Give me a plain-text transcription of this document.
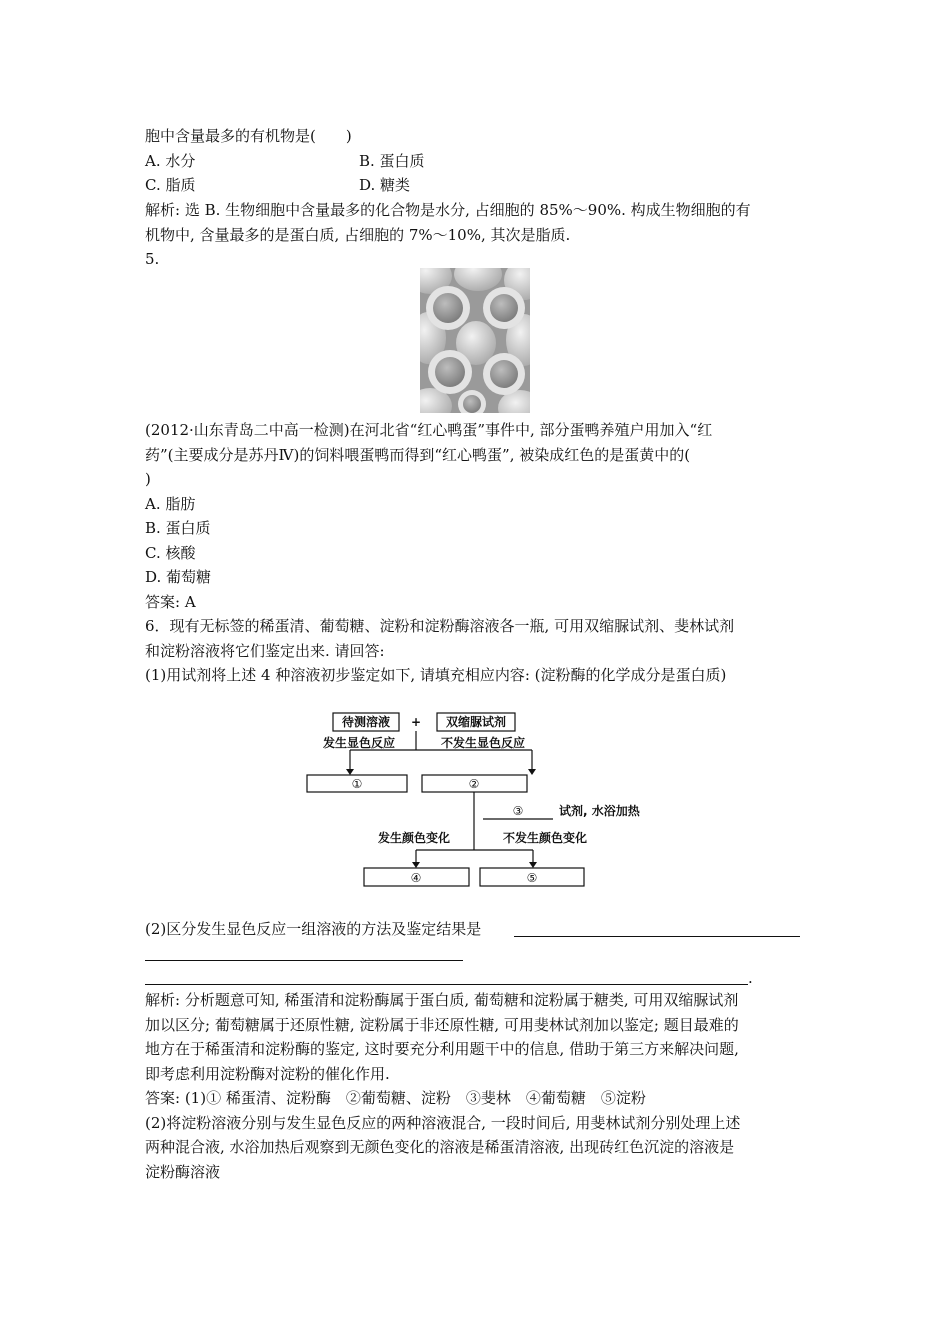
胞中含量最多的有机物是(　　)
A. 水分	B. 蛋白质
C. 脂质	D. 糖类
解析: 选 B. 生物细胞中含量最多的化合物是水分, 占细胞的 85%～90%. 构成生物细胞的有
机物中, 含量最多的是蛋白质, 占细胞的 7%～10%, 其次是脂质.
5.
(2012·山东青岛二中高一检测)在河北省“红心鸭蛋”事件中, 部分蛋鸭养殖户用加入“红
药”(主要成分是苏丹Ⅳ)的饲料喂蛋鸭而得到“红心鸭蛋”, 被染成红色的是蛋黄中的(
)
A. 脂肪
B. 蛋白质
C. 核酸
D. 葡萄糖
答案: A
6．现有无标签的稀蛋清、葡萄糖、淀粉和淀粉酶溶液各一瓶, 可用双缩脲试剂、斐林试剂
和淀粉溶液将它们鉴定出来. 请回答:
(1)用试剂将上述 4 种溶液初步鉴定如下, 请填充相应内容: (淀粉酶的化学成分是蛋白质)
待测溶液 + 双缩脲试剂
发生显色反应	不发生显色反应
①	②
③	试剂, 水浴加热
发生颜色变化	不发生颜色变化
④	⑤
(2)区分发生显色反应一组溶液的方法及鉴定结果是
.
解析: 分析题意可知, 稀蛋清和淀粉酶属于蛋白质, 葡萄糖和淀粉属于糖类, 可用双缩脲试剂
加以区分; 葡萄糖属于还原性糖, 淀粉属于非还原性糖, 可用斐林试剂加以鉴定; 题目最难的
地方在于稀蛋清和淀粉酶的鉴定, 这时要充分利用题干中的信息, 借助于第三方来解决问题,
即考虑利用淀粉酶对淀粉的催化作用.
答案: (1)① 稀蛋清、淀粉酶　②葡萄糖、淀粉　③斐林　④葡萄糖　⑤淀粉
(2)将淀粉溶液分别与发生显色反应的两种溶液混合, 一段时间后, 用斐林试剂分别处理上述
两种混合液, 水浴加热后观察到无颜色变化的溶液是稀蛋清溶液, 出现砖红色沉淀的溶液是
淀粉酶溶液
